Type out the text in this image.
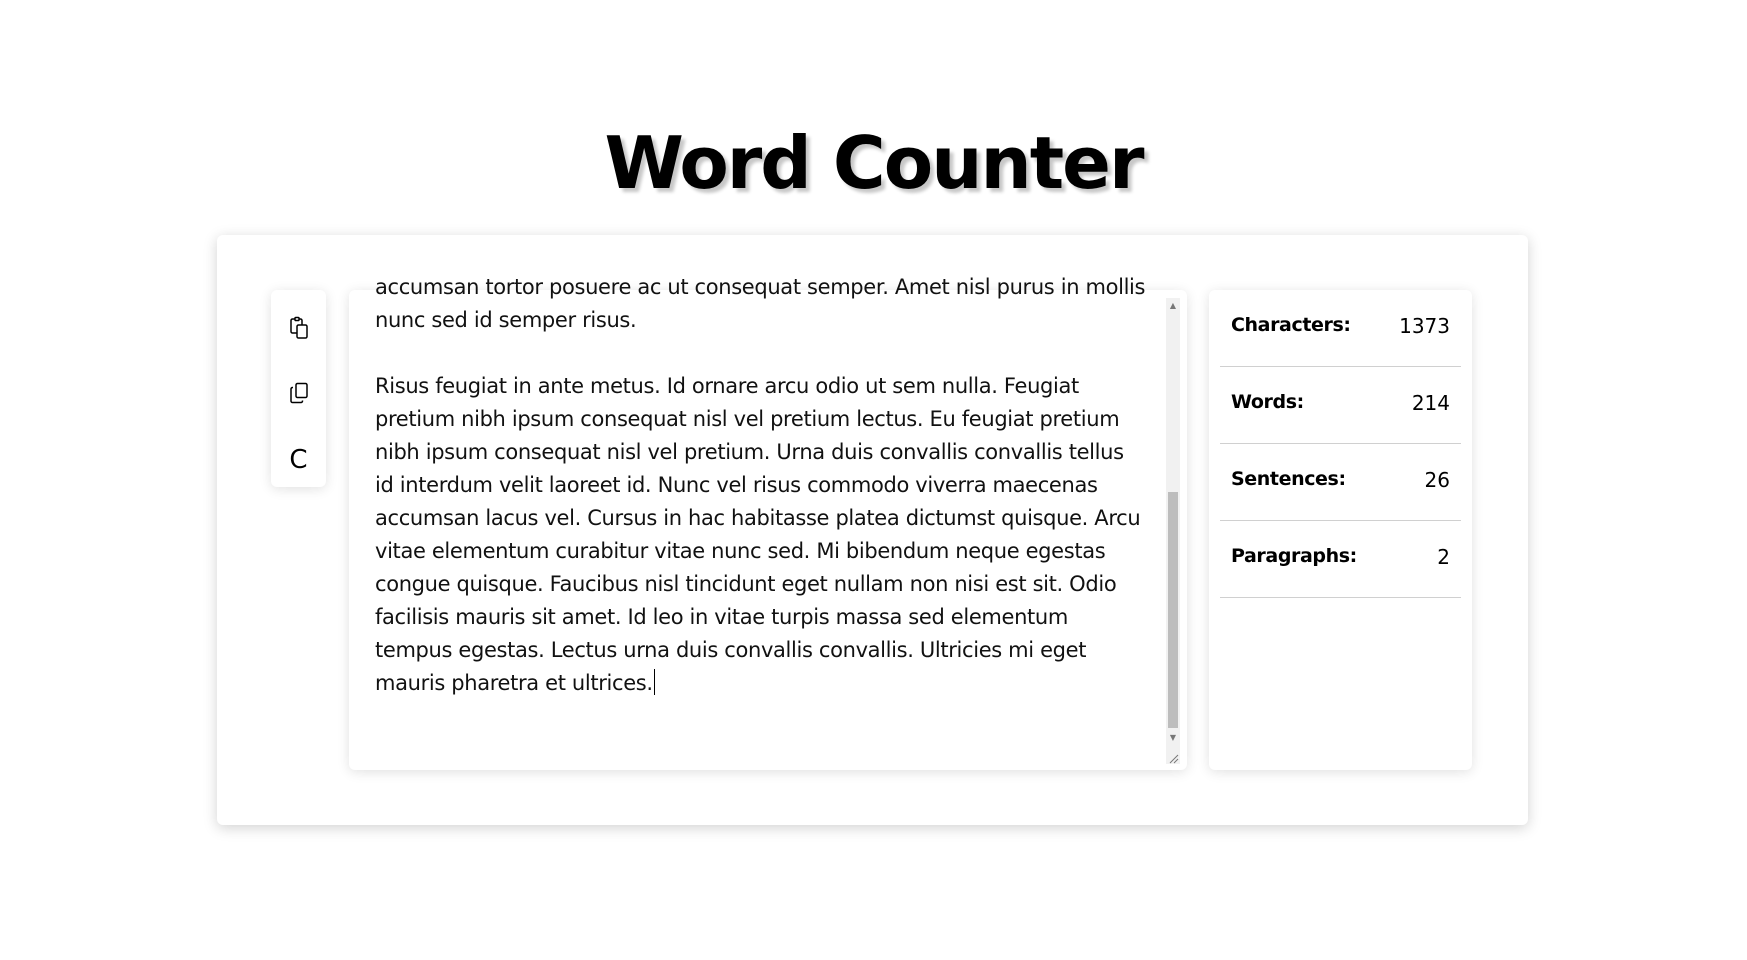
Word Counter
C

accumsan tortor posuere ac ut consequat semper. Amet nisl purus in mollis nunc sed id semper risus.

Risus feugiat in ante metus. Id ornare arcu odio ut sem nulla. Feugiat pretium nibh ipsum consequat nisl vel pretium lectus. Eu feugiat pretium nibh ipsum consequat nisl vel pretium. Urna duis convallis convallis tellus id interdum velit laoreet id. Nunc vel risus commodo viverra maecenas accumsan lacus vel. Cursus in hac habitasse platea dictumst quisque. Arcu vitae elementum curabitur vitae nunc sed. Mi bibendum neque egestas congue quisque. Faucibus nisl tincidunt eget nullam non nisi est sit. Odio facilisis mauris sit amet. Id leo in vitae turpis massa sed elementum tempus egestas. Lectus urna duis convallis convallis. Ultricies mi eget mauris pharetra et ultrices.

▲
▼
Characters: 1373
Words:	214
Sentences:	26
Paragraphs:	2
